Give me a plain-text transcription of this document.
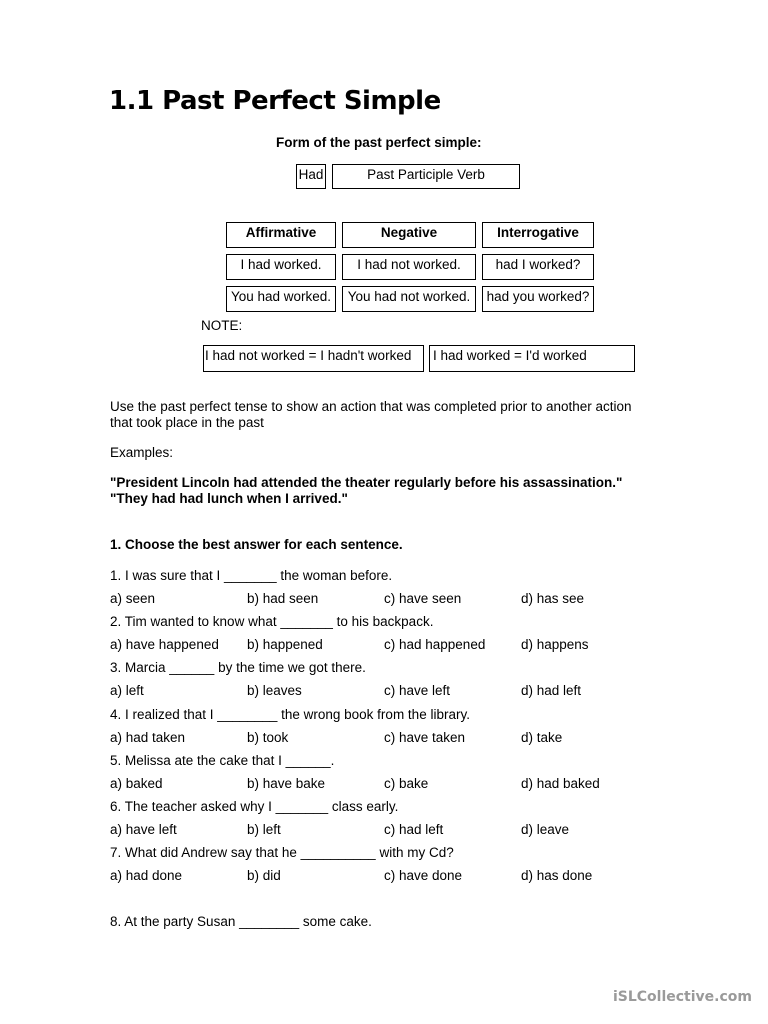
1.1 Past Perfect Simple
Form of the past perfect simple:
Had	Past Participle Verb
Affirmative	Negative	Interrogative
I had worked.	I had not worked.	had I worked?
You had worked.	You had not worked.	had you worked?
NOTE:
I had not worked = I hadn't worked	I had worked = I'd worked
Use the past perfect tense to show an action that was completed prior to another action
that took place in the past
Examples:
"President Lincoln had attended the theater regularly before his assassination."
"They had had lunch when I arrived."
1. Choose the best answer for each sentence.
1. I was sure that I _______ the woman before.
a) seen	b) had seen	c) have seen	d) has see
2. Tim wanted to know what _______ to his backpack.
a) have happened b) happened	c) had happened	d) happens
3. Marcia ______ by the time we got there.
a) left	b) leaves	c) have left	d) had left
4. I realized that I ________ the wrong book from the library.
a) had taken	b) took	c) have taken	d) take
5. Melissa ate the cake that I ______.
a) baked	b) have bake	c) bake	d) had baked
6. The teacher asked why I _______ class early.
a) have left	b) left	c) had left	d) leave
7. What did Andrew say that he __________ with my Cd?
a) had done	b) did	c) have done	d) has done
8. At the party Susan ________ some cake.
iSLCollective.com
